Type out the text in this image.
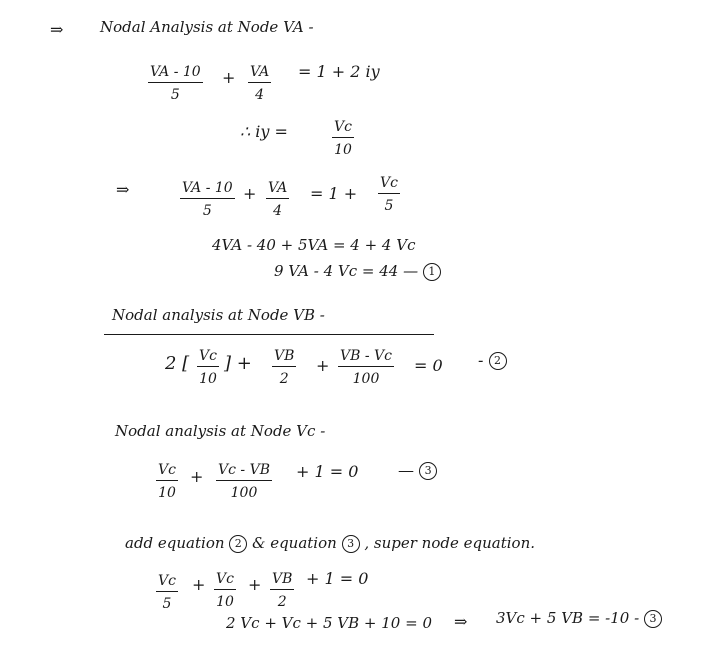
⇒ Nodal Analysis at Node VA -
VA - 10
5
+ VA
4
= 1 + 2 iy
∴ iy =	Vc
10
⇒	VA - 10
5
+ VA
4
= 1 +
Vc
5
4VA - 40 + 5VA = 4 + 4 Vc
9 VA - 4 Vc = 44 — 1
Nodal analysis at Node VB -
2 [ Vc
10
] + VB
2
+ VB - Vc
100
= 0 - 2
Nodal analysis at Node Vc -
Vc
10
+ Vc - VB
100
+ 1 = 0 — 3
add equation 2 & equation 3 , super node equation.
Vc
5
+ Vc
10
+ VB
2
+ 1 = 0
2 Vc + Vc + 5 VB + 10 = 0 ⇒ 3Vc + 5 VB = -10 - 3
